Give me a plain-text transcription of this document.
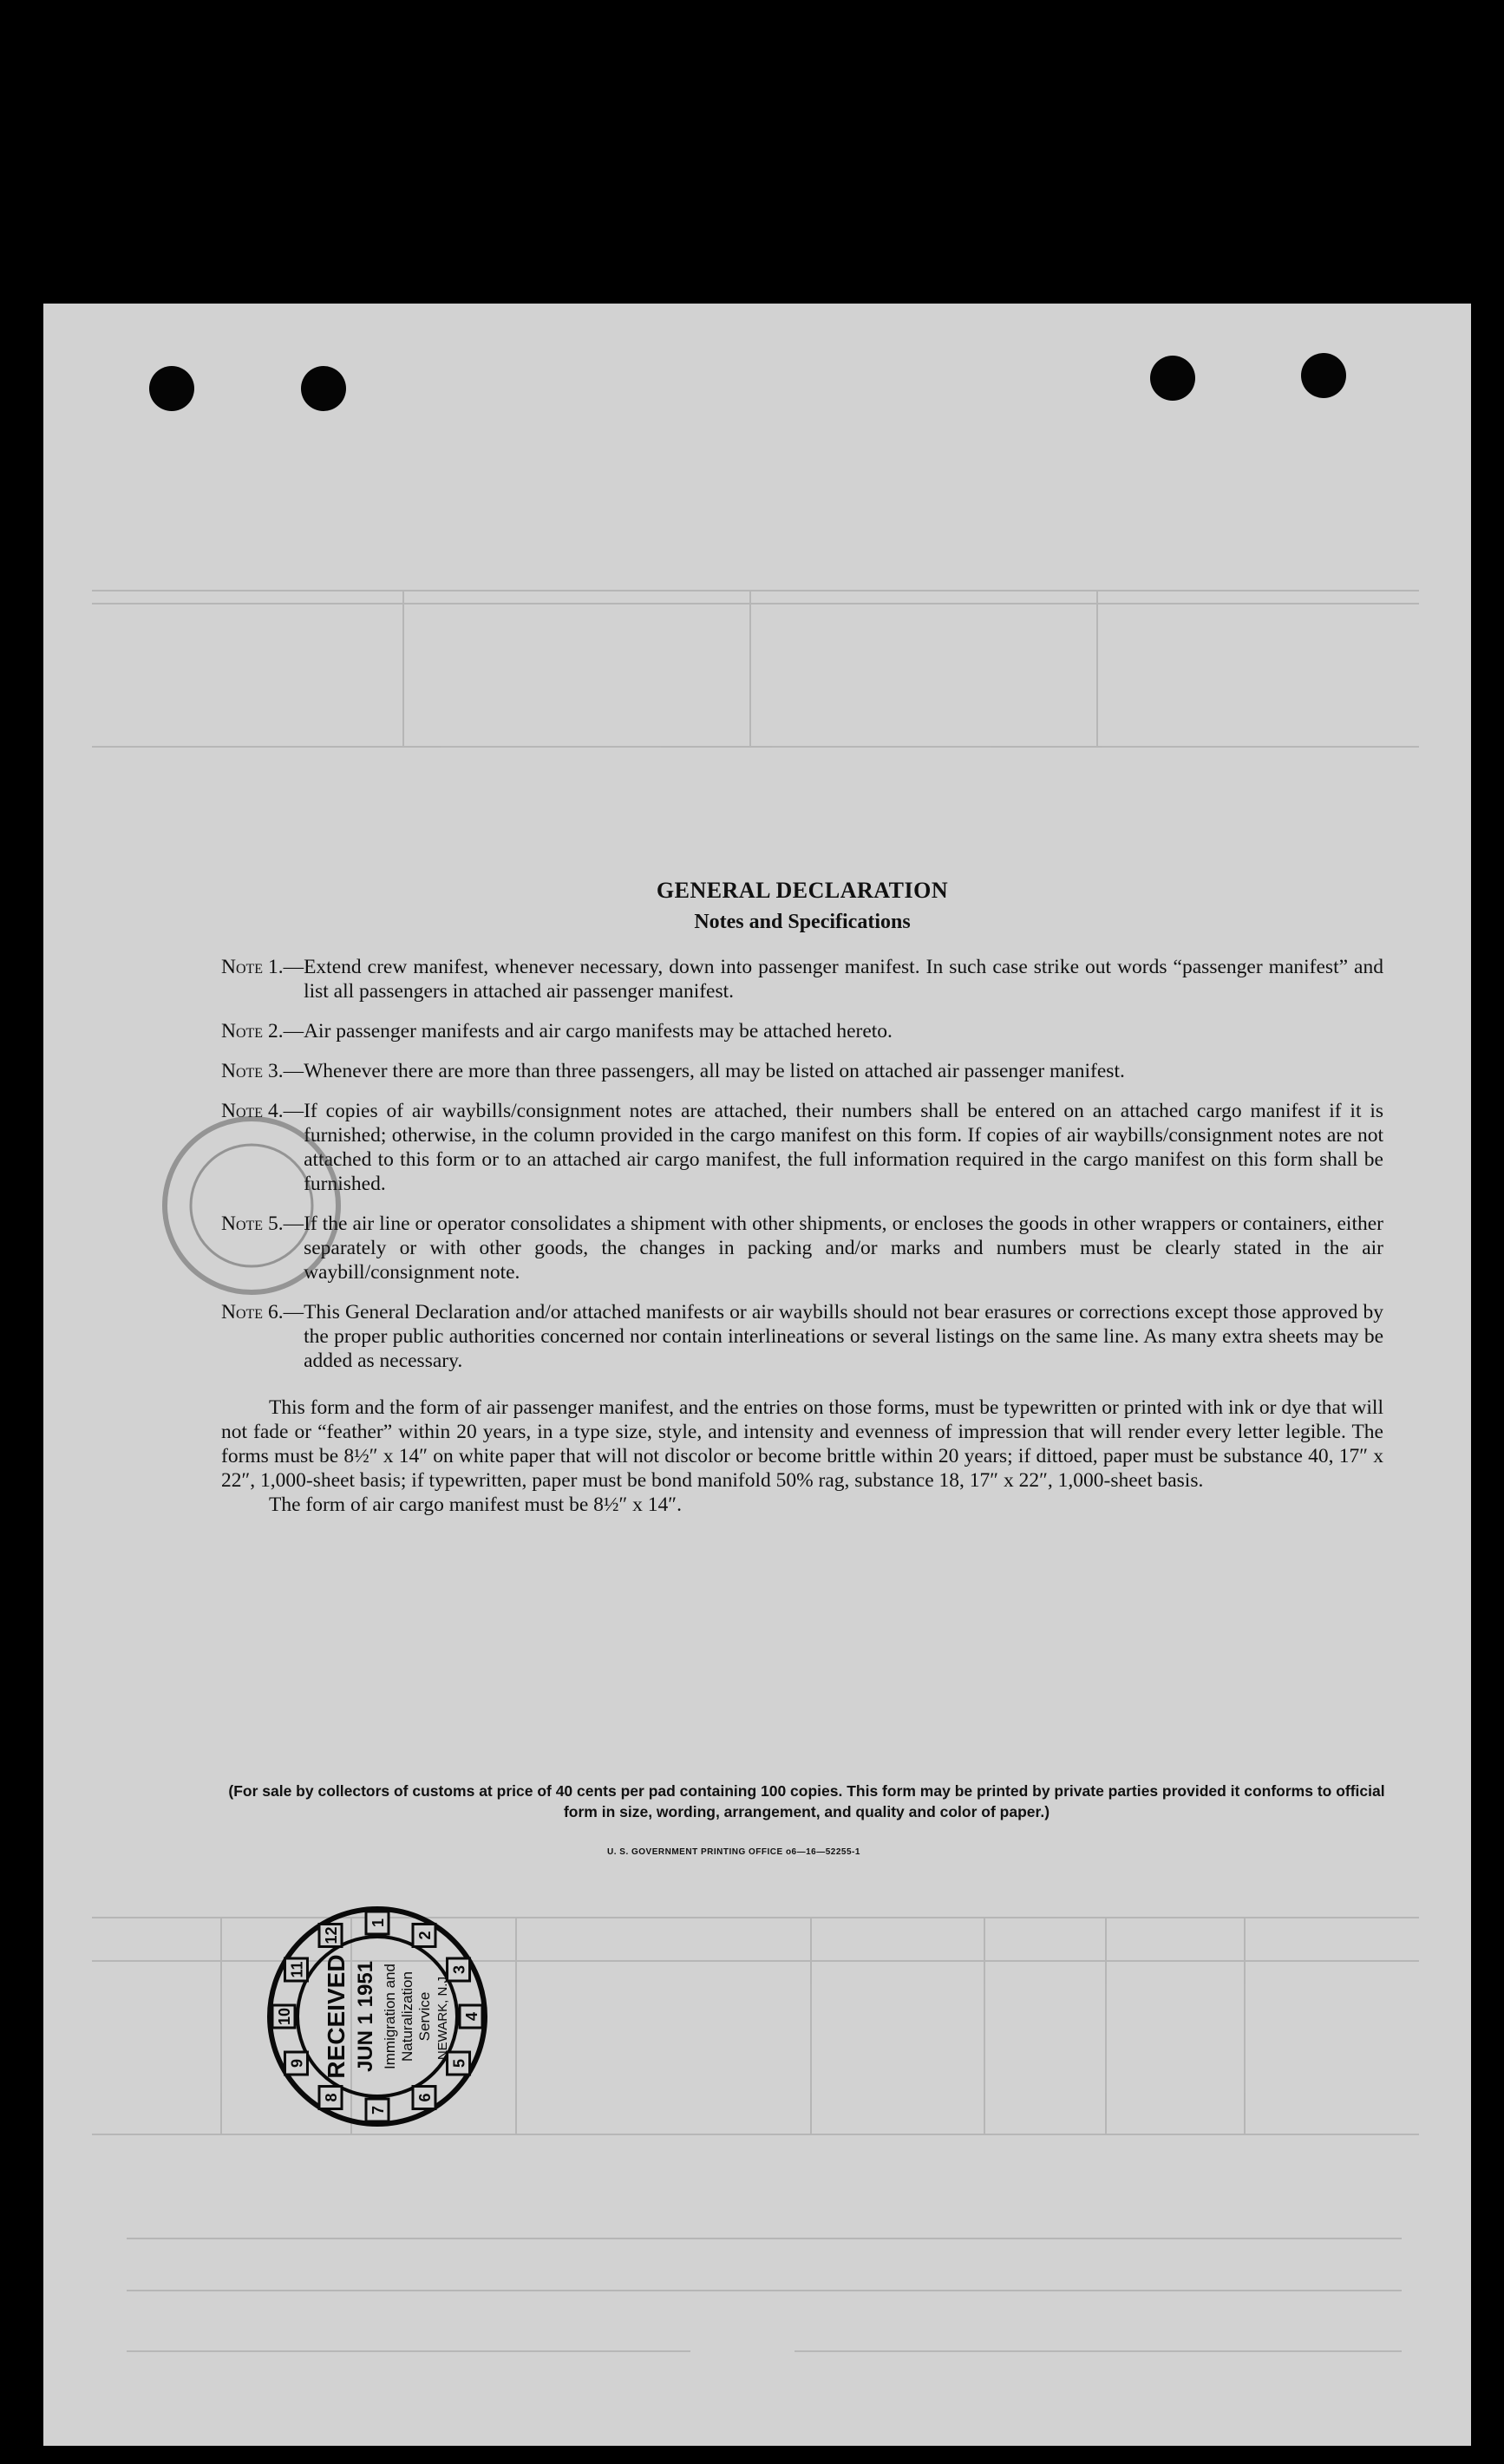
GENERAL DECLARATION

Notes and Specifications

Note 1. — Extend crew manifest, whenever necessary, down into passenger manifest. In such case strike out words “passenger manifest” and list all passengers in attached air passenger manifest.
Note 2. — Air passenger manifests and air cargo manifests may be attached hereto.
Note 3. — Whenever there are more than three passengers, all may be listed on attached air passenger manifest.
Note 4. — If copies of air waybills/consignment notes are attached, their numbers shall be entered on an attached cargo manifest if it is furnished; otherwise, in the column provided in the cargo manifest on this form. If copies of air waybills/consignment notes are not attached to this form or to an attached air cargo manifest, the full information required in the cargo manifest on this form shall be furnished.
Note 5. — If the air line or operator consolidates a shipment with other shipments, or encloses the goods in other wrappers or containers, either separately or with other goods, the changes in packing and/or marks and numbers must be clearly stated in the air waybill/consignment note.
Note 6. — This General Declaration and/or attached manifests or air waybills should not bear erasures or corrections except those approved by the proper public authorities concerned nor contain interlineations or several listings on the same line. As many extra sheets may be added as necessary.

This form and the form of air passenger manifest, and the entries on those forms, must be typewritten or printed with ink or dye that will not fade or “feather” within 20 years, in a type size, style, and intensity and evenness of impression that will render every letter legible. The forms must be 8½″ x 14″ on white paper that will not discolor or become brittle within 20 years; if dittoed, paper must be substance 40, 17″ x 22″, 1,000-sheet basis; if typewritten, paper must be bond manifold 50% rag, substance 18, 17″ x 22″, 1,000-sheet basis.
The form of air cargo manifest must be 8½″ x 14″.

(For sale by collectors of customs at price of 40 cents per pad containing 100 copies. This form may be printed by private parties provided it conforms to official form in size, wording, arrangement, and quality and color of paper.)
U. S. GOVERNMENT PRINTING OFFICE o6—16—52255-1
10
11
12
1
2
3
4
5
6
7
8
9 RECEIVED JUN 1 1951 Immigration and Naturalization Service NEWARK, N.J.
